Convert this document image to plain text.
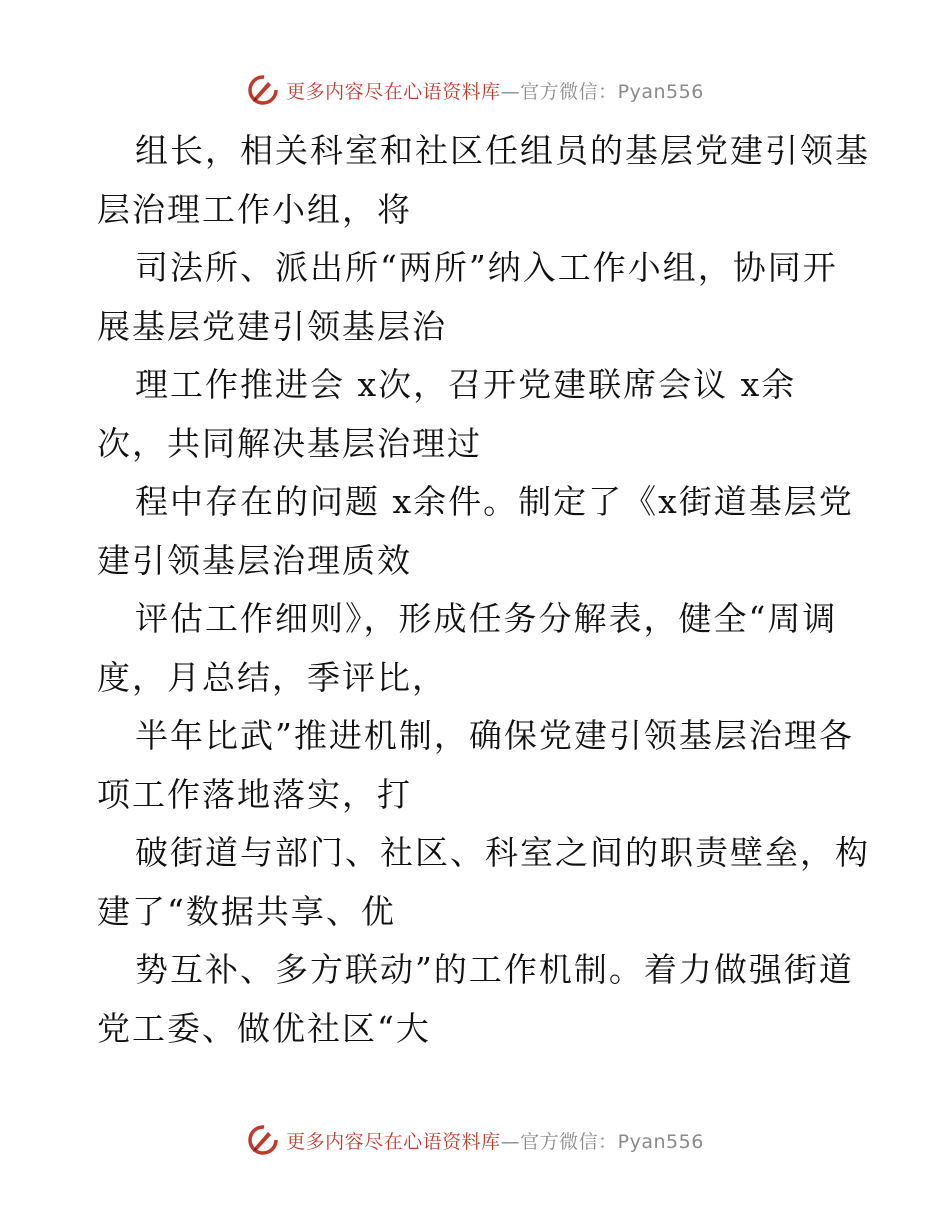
更多内容尽在心语资料库—官方微信：Pyan556

组长，相关科室和社区任组员的基层党建引领基
层治理工作小组，将

司法所、派出所“两所”纳入工作小组，协同开
展基层党建引领基层治

理工作推进会 x次，召开党建联席会议 x余
次，共同解决基层治理过

程中存在的问题 x余件。制定了《x街道基层党
建引领基层治理质效

评估工作细则》，形成任务分解表，健全“周调
度，月总结，季评比，

半年比武”推进机制，确保党建引领基层治理各
项工作落地落实，打

破街道与部门、社区、科室之间的职责壁垒，构
建了“数据共享、优

势互补、多方联动”的工作机制。着力做强街道
党工委、做优社区“大

更多内容尽在心语资料库—官方微信：Pyan556
